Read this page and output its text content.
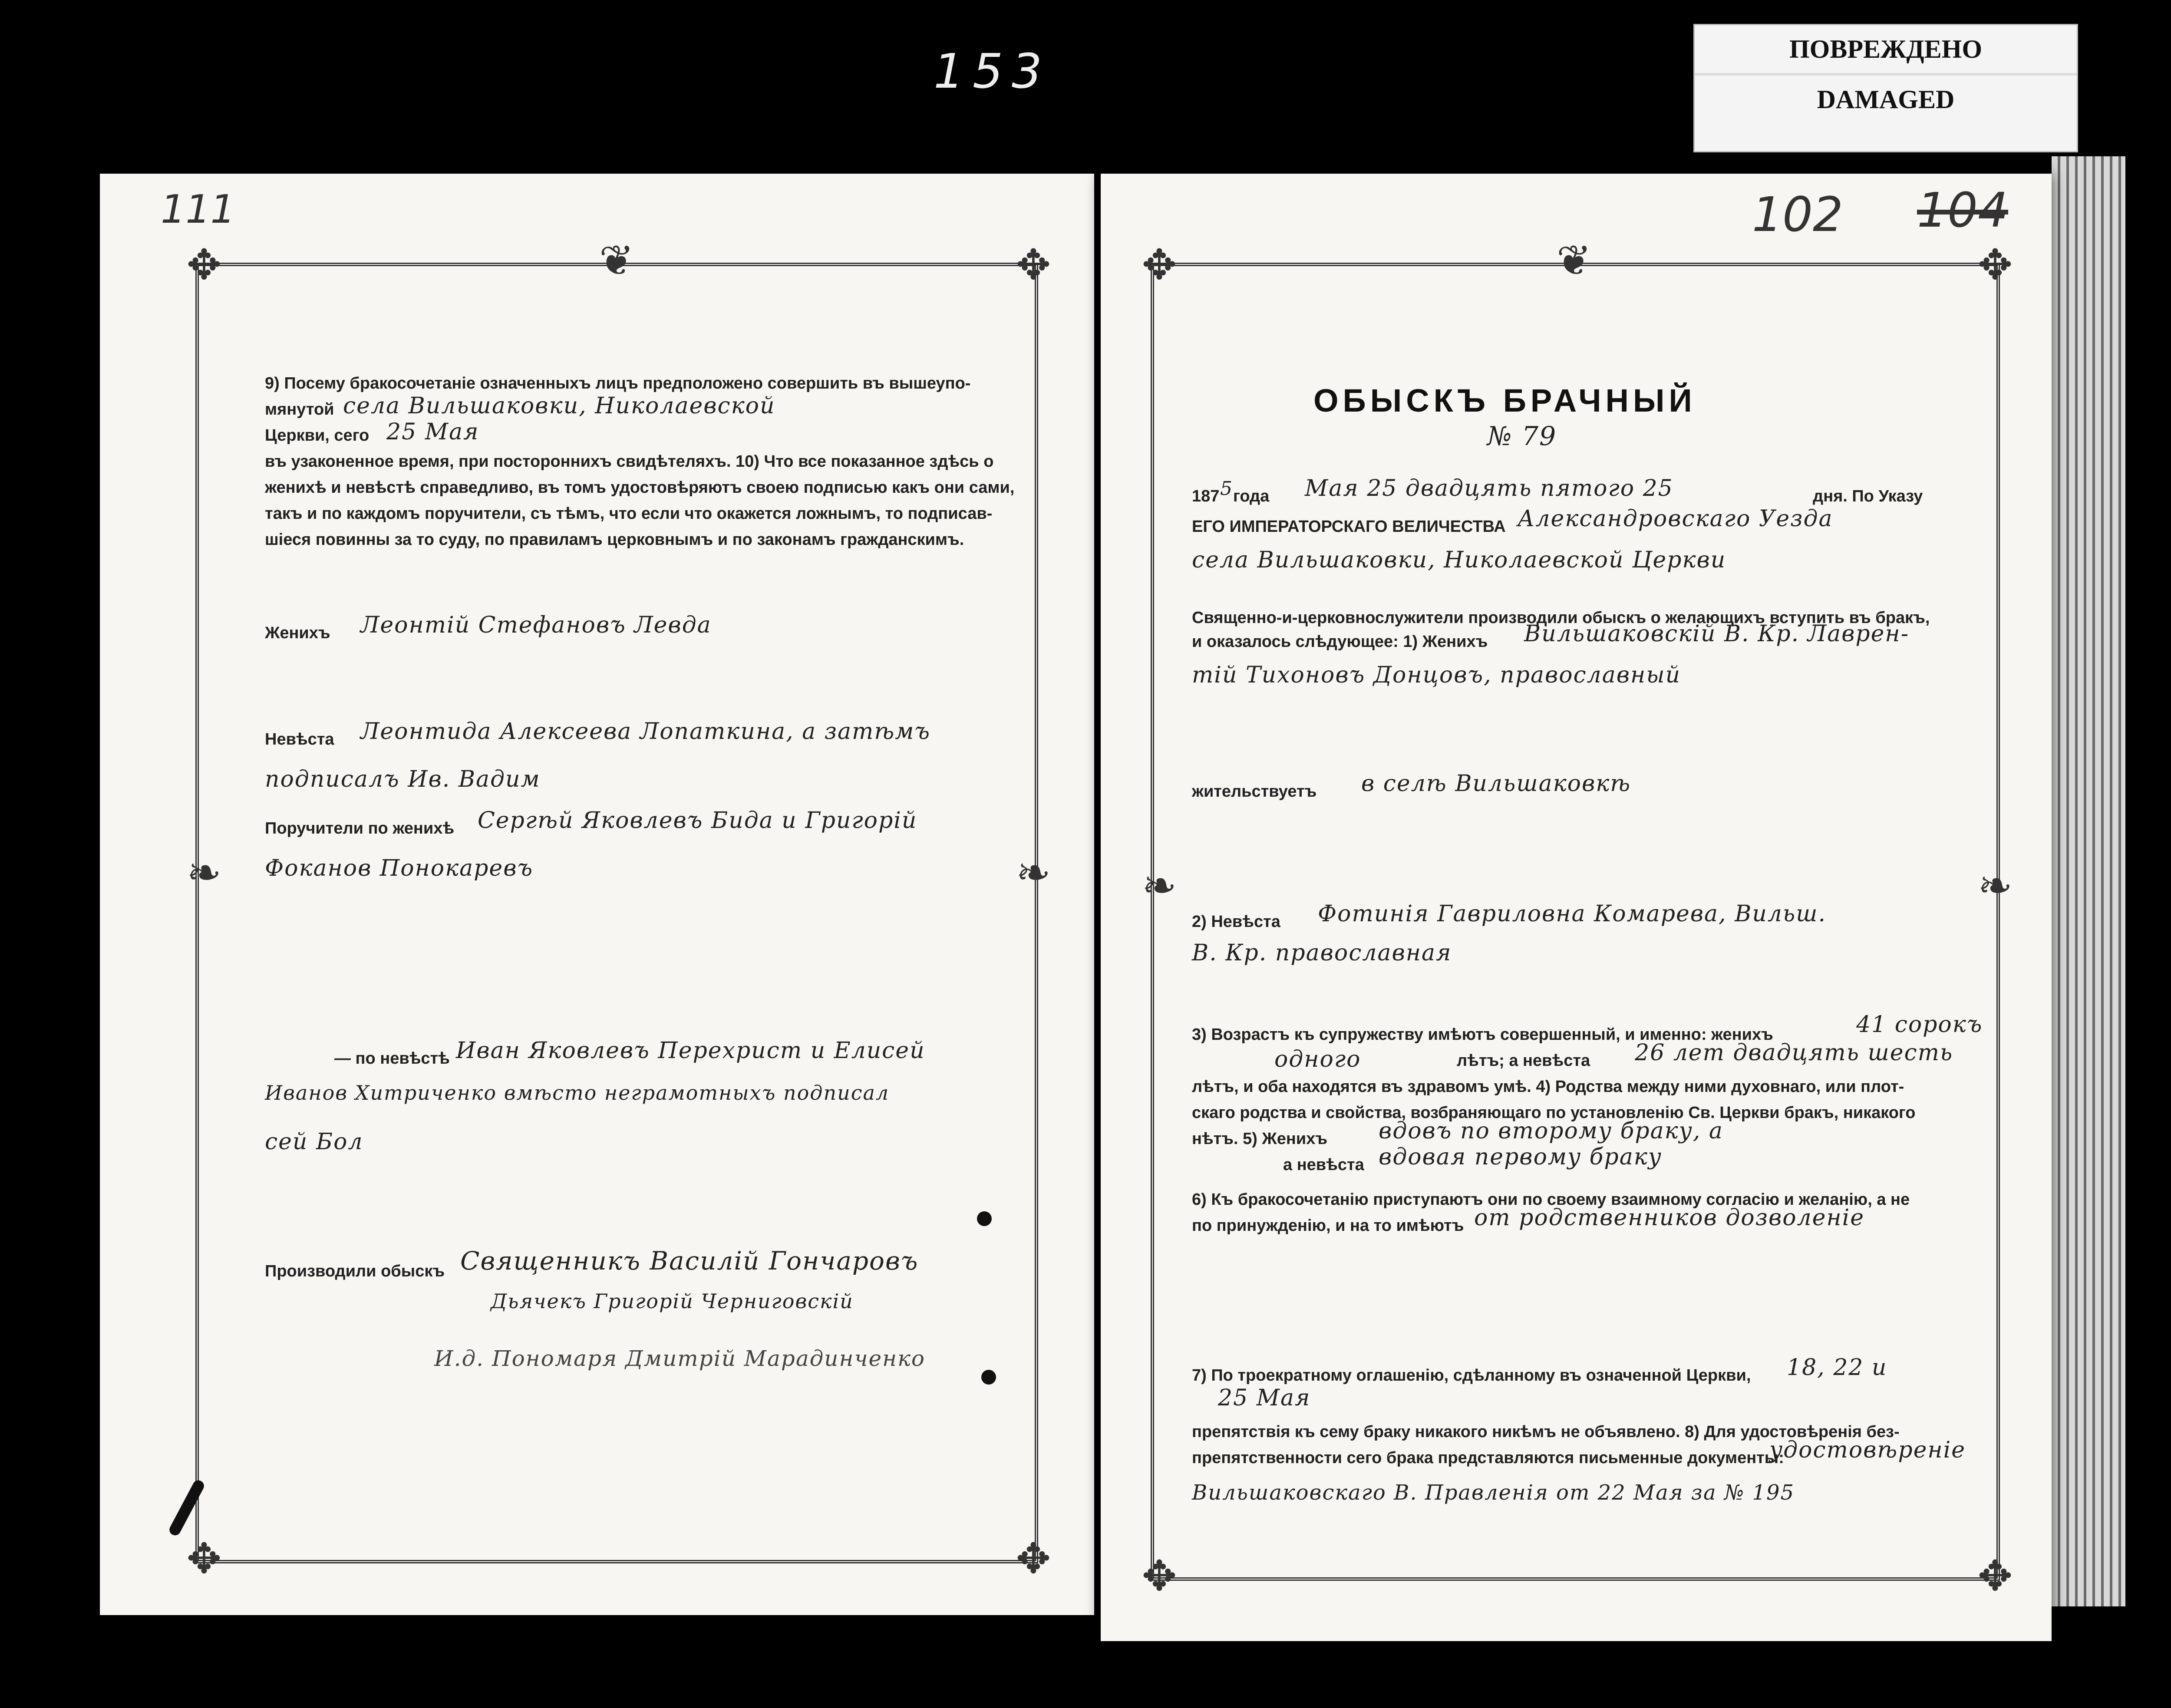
153	ПОВРЕЖДЕНО
DAMAGED
111
❦
✥	✥
✥	✥
❧	❧
9) Посему бракосочетаніе означенныхъ лицъ предположено совершить въ вышеупо-
мянутой села Вильшаковки, Николаевской
Церкви, сего 25 Мая
въ узаконенное время, при постороннихъ свидѣтеляхъ. 10) Что все показанное здѣсь о
женихѣ и невѣстѣ справедливо, въ томъ удостовѣряютъ своею подписью какъ они сами,
такъ и по каждомъ поручители, съ тѣмъ, что если что окажется ложнымъ, то подписав-
шіеся повинны за то суду, по правиламъ церковнымъ и по законамъ гражданскимъ.
Женихъ Леонтій Стефановъ Левда
Невѣста Леонтида Алексеева Лопаткина, а затѣмъ
подписалъ Ив. Вадим
Поручители по женихѣ Сергѣй Яковлевъ Бида и Григорій
Фоканов Понокаревъ
— по невѣстѣ Иван Яковлевъ Перехрист и Елисей
Иванов Хитриченко вмѣсто неграмотныхъ подписал
сей Бол
Производили обыскъ Священникъ Василій Гончаровъ
Дьячекъ Григорій Черниговскій
И.д. Пономаря Дмитрій Марадинченко
102 104
❦
✥	✥
✥	✥
❧	❧
ОБЫСКЪ БРАЧНЫЙ
№ 79
187 5 года Мая 25 двадцять пятого 25	дня. По Указу
ЕГО ИМПЕРАТОРСКАГО ВЕЛИЧЕСТВА Александровскаго Уезда
села Вильшаковки, Николаевской Церкви
Священно-и-церковнослужители производили обыскъ о желающихъ вступить въ бракъ,
и оказалось слѣдующее: 1) Женихъ Вильшаковскій В. Кр. Лаврен-
тій Тихоновъ Донцовъ, православный
жительствуетъ в селѣ Вильшаковкѣ
2) Невѣста Фотинія Гавриловна Комарева, Вильш.
В. Кр. православная
3) Возрастъ къ супружеству имѣютъ совершенный, и именно: женихъ	41 сорокъ
одного	лѣтъ; а невѣста 26 лет двадцять шесть
лѣтъ, и оба находятся въ здравомъ умѣ. 4) Родства между ними духовнаго, или плот-
скаго родства и свойства, возбраняющаго по установленію Св. Церкви бракъ, никакого
нѣтъ. 5) Женихъ вдовъ по второму браку, а
а невѣста вдовая первому браку
6) Къ бракосочетанію приступаютъ они по своему взаимному согласію и желанію, а не
по принужденію, и на то имѣютъ от родственников дозволеніе
7) По троекратному оглашенію, сдѣланному въ означенной Церкви, 18, 22 и
25 Мая
препятствія къ сему браку никакого никѣмъ не объявлено. 8) Для удостовѣренія без-
препятственности сего брака представляются письменные документы:
удостовѣреніе
Вильшаковскаго В. Правленія от 22 Мая за № 195
